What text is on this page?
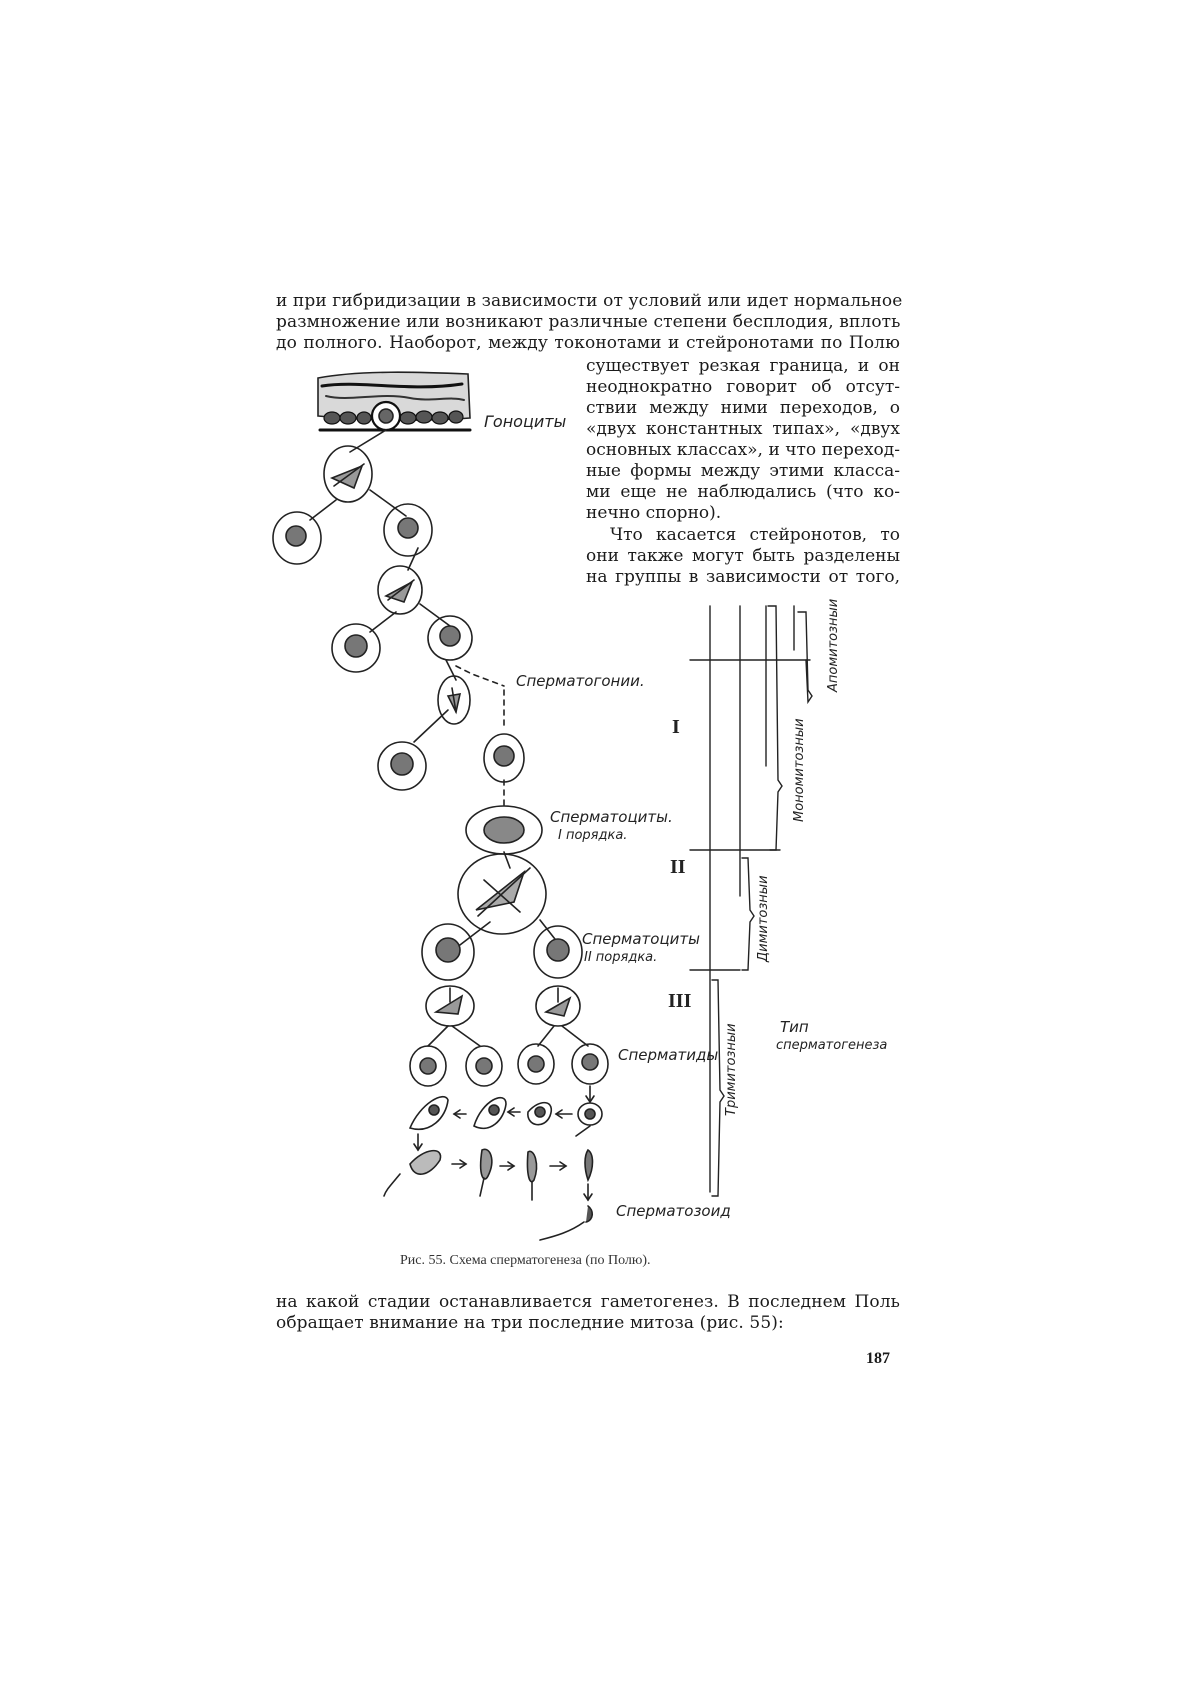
и при гибридизации в зависимости от условий или идет нормальное
размножение или возникают различные степени бесплодия, вплоть
до полного. Наоборот, между токонотами и стейронотами по Полю
существует резкая граница, и он
неоднократно говорит об отсут-
ствии между ними переходов, о
«двух константных типах», «двух
основных классах», и что переход-
ные формы между этими класса-
ми еще не наблюдались (что ко-
нечно спорно).
Что касается стейронотов, то
они также могут быть разделены
на группы в зависимости от того,
Гоноциты
Сперматогонии.
Сперматоциты.
I порядка.
Сперматоциты
II порядка.
Сперматиды
Сперматозоид
Тип
сперматогенеза
I
II
III
Апомитозныи
Мономитозныи
Димитозныи
Тримитозныи
Рис. 55. Схема сперматогенеза (по Полю).
на какой стадии останавливается гаметогенез. В последнем Поль
обращает внимание на три последние митоза (рис. 55):
187
